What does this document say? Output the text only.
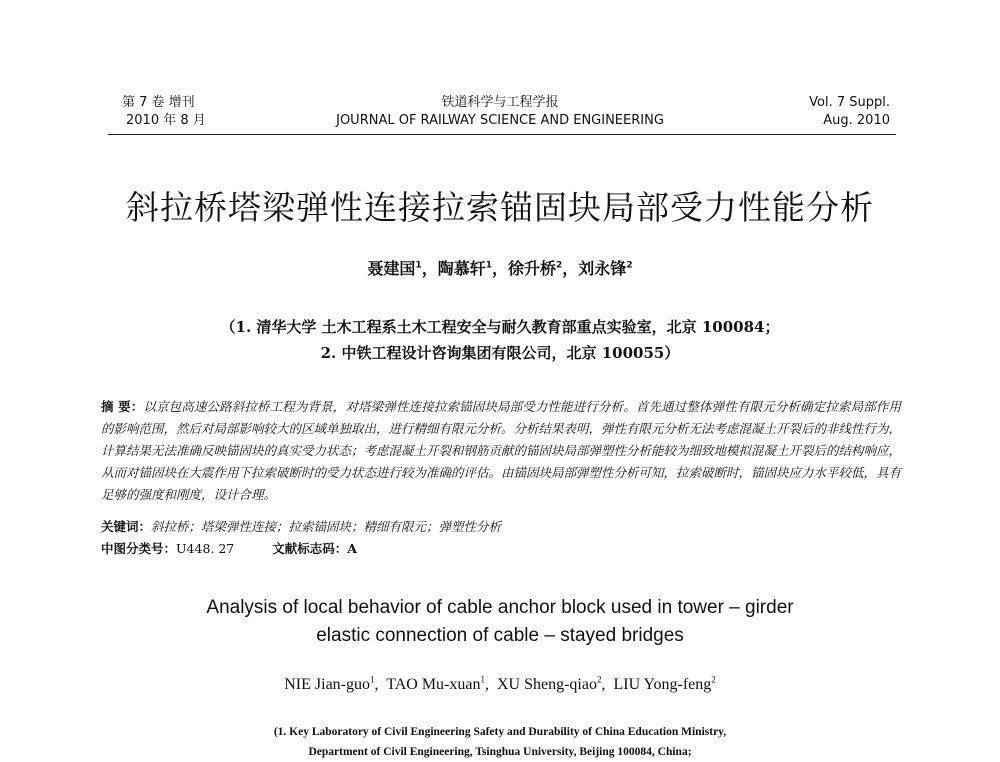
第 7 卷 增刊
2010 年 8 月
铁道科学与工程学报
JOURNAL OF RAILWAY SCIENCE AND ENGINEERING
Vol. 7 Suppl.
Aug. 2010
斜拉桥塔梁弹性连接拉索锚固块局部受力性能分析
聂建国$^1$，陶慕轩$^1$，徐升桥$^2$，刘永锋$^2$
（1. 清华大学 土木工程系土木工程安全与耐久教育部重点实验室，北京 100084；
2. 中铁工程设计咨询集团有限公司，北京 100055）
摘 要：以京包高速公路斜拉桥工程为背景，对塔梁弹性连接拉索锚固块局部受力性能进行分析。首先通过整体弹性有限元分析确定拉索局部作用的影响范围，然后对局部影响较大的区域单独取出，进行精细有限元分析。分析结果表明，弹性有限元分析无法考虑混凝土开裂后的非线性行为，计算结果无法准确反映锚固块的真实受力状态；考虑混凝土开裂和钢筋贡献的锚固块局部弹塑性分析能较为细致地模拟混凝土开裂后的结构响应，从而对锚固块在大震作用下拉索破断时的受力状态进行较为准确的评估。由锚固块局部弹塑性分析可知，拉索破断时，锚固块应力水平较低，具有足够的强度和刚度，设计合理。
关键词：斜拉桥；塔梁弹性连接；拉索锚固块；精细有限元；弹塑性分析
中图分类号：U448. 27	文献标志码：A
Analysis of local behavior of cable anchor block used in tower – girder
elastic connection of cable – stayed bridges
NIE Jian-guo$^1$,  TAO Mu-xuan$^1$,  XU Sheng-qiao$^2$,  LIU Yong-feng$^2$
(1. Key Laboratory of Civil Engineering Safety and Durability of China Education Ministry,
Department of Civil Engineering, Tsinghua University, Beijing 100084, China;
